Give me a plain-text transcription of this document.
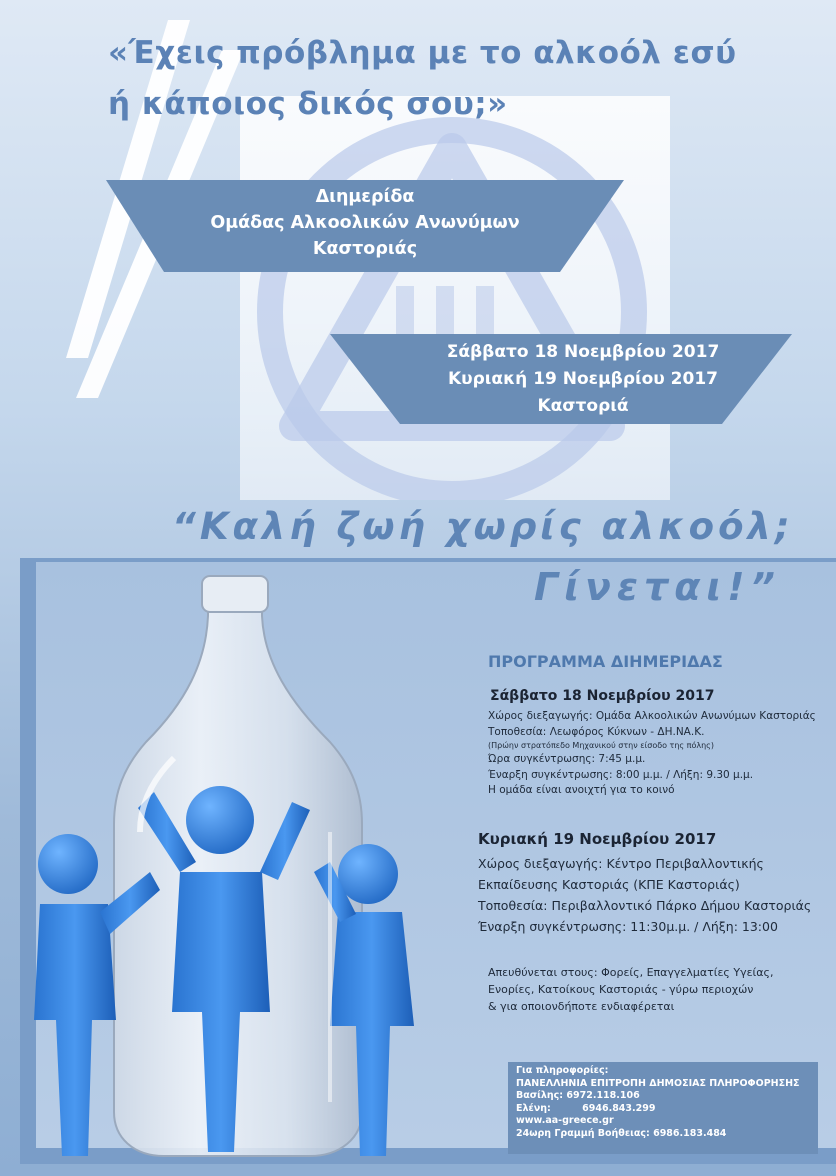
«Έχεις πρόβλημα με το αλκοόλ εσύ
ή κάποιος δικός σου;»
Διημερίδα
Ομάδας Αλκοολικών Ανωνύμων
Καστοριάς
Σάββατο 18 Νοεμβρίου 2017
Κυριακή 19 Νοεμβρίου 2017
Καστοριά
“Καλή ζωή χωρίς αλκοόλ;
Γίνεται!”
ΠΡΟΓΡΑΜΜΑ ΔΙΗΜΕΡΙΔΑΣ
Σάββατο 18 Νοεμβρίου 2017
Χώρος διεξαγωγής: Ομάδα Αλκοολικών Ανωνύμων Καστοριάς
Τοποθεσία: Λεωφόρος Κύκνων - ΔΗ.ΝΑ.Κ.
(Πρώην στρατόπεδο Μηχανικού στην είσοδο της πόλης)
Ώρα συγκέντρωσης: 7:45 μ.μ.
Έναρξη συγκέντρωσης: 8:00 μ.μ. / Λήξη: 9.30 μ.μ.
Η ομάδα είναι ανοιχτή για το κοινό
Κυριακή 19 Νοεμβρίου 2017
Χώρος διεξαγωγής: Κέντρο Περιβαλλοντικής
Εκπαίδευσης Καστοριάς (ΚΠΕ Καστοριάς)
Τοποθεσία: Περιβαλλοντικό Πάρκο Δήμου Καστοριάς
Έναρξη συγκέντρωσης: 11:30μ.μ. / Λήξη: 13:00
Απευθύνεται στους: Φορείς, Επαγγελματίες Υγείας,
Ενορίες, Κατοίκους Καστοριάς - γύρω περιοχών
& για οποιονδήποτε ενδιαφέρεται
Για πληροφορίες:
ΠΑΝΕΛΛΗΝΙΑ ΕΠΙΤΡΟΠΗ ΔΗΜΟΣΙΑΣ ΠΛΗΡΟΦΟΡΗΣΗΣ
Βασίλης: 6972.118.106
Ελένη:	6946.843.299
www.aa-greece.gr
24ωρη Γραμμή Βοήθειας: 6986.183.484
